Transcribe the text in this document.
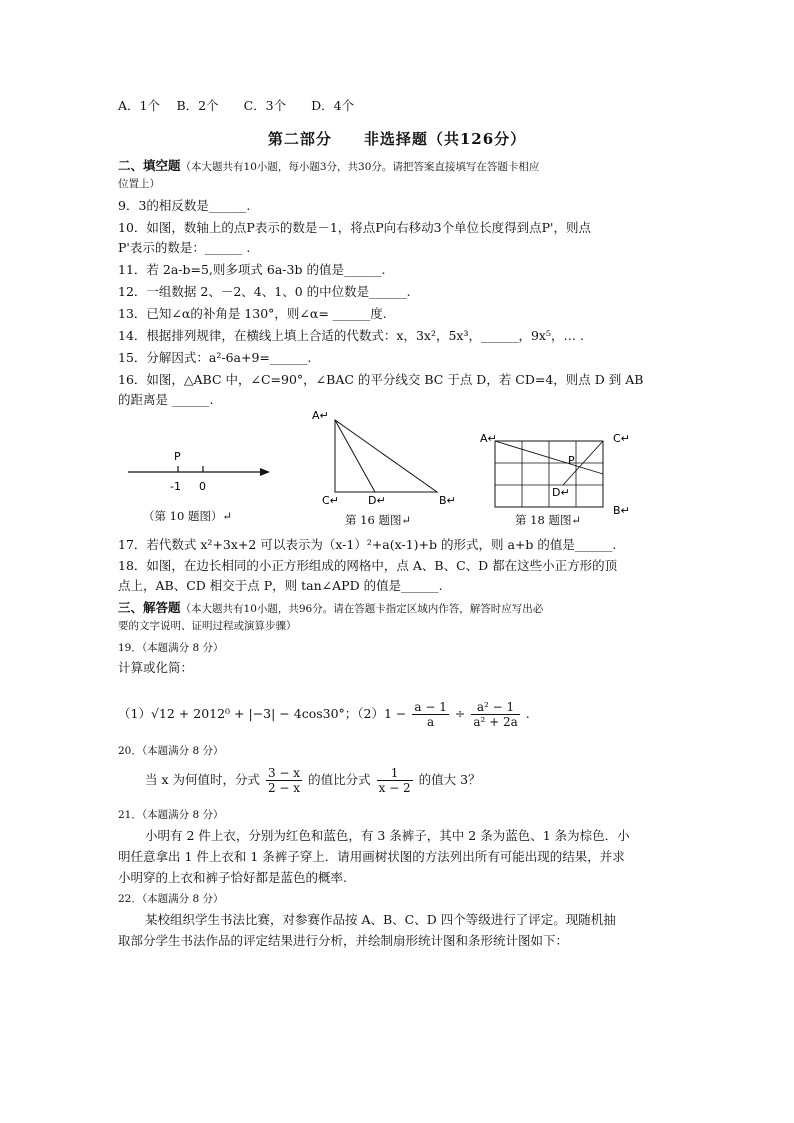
A．1个　 B．2个　　C．3个　　D．4个
第二部分　　非选择题（共126分）
二、填空题（本大题共有10小题，每小题3分，共30分。请把答案直接填写在答题卡相应
位置上）
9．3的相反数是______.
10．如图，数轴上的点P表示的数是－1，将点P向右移动3个单位长度得到点P'，则点
P'表示的数是：______ .
11．若 2a-b=5,则多项式 6a-3b 的值是______.
12．一组数据 2、－2、4、1、0 的中位数是______.
13．已知∠α的补角是 130°，则∠α= ______度.
14．根据排列规律，在横线上填上合适的代数式：x，3x²，5x³，______，9x⁵，… .
15．分解因式：a²-6a+9=______.
16．如图，△ABC 中，∠C=90°，∠BAC 的平分线交 BC 于点 D，若 CD=4，则点 D 到 AB
的距离是 ______.
P
-1 0
（第 10 题图）↵
A↵
C↵	D↵	B↵
第 16 题图↵
A↵	C↵
P
D↵
B↵
第 18 题图↵
17．若代数式 x²+3x+2 可以表示为（x-1）²+a(x-1)+b 的形式，则 a+b 的值是______.
18．如图，在边长相同的小正方形组成的网格中，点 A、B、C、D 都在这些小正方形的顶
点上，AB、CD 相交于点 P，则 tan∠APD 的值是______.
三、解答题（本大题共有10小题，共96分。请在答题卡指定区域内作答，解答时应写出必
要的文字说明、证明过程或演算步骤）
19．（本题满分 8 分）
计算或化简：
（1）√12 + 2012⁰ + |−3| − 4cos30°；$(2)1 - \frac{a - 1}{a} \div \frac{\text{a² − 1}}{\text{a² + 2a}}$ .
20．（本题满分 8 分）
当 x 为何值时，分式 $\frac{3 - x}{2 - x}$ 的值比分式 $\frac{1}{x - 2}$ 的值大 3？
21．（本题满分 8 分）
小明有 2 件上衣，分别为红色和蓝色，有 3 条裤子，其中 2 条为蓝色、1 条为棕色．小
明任意拿出 1 件上衣和 1 条裤子穿上．请用画树状图的方法列出所有可能出现的结果，并求
小明穿的上衣和裤子恰好都是蓝色的概率.
22．（本题满分 8 分）
某校组织学生书法比赛，对参赛作品按 A、B、C、D 四个等级进行了评定。现随机抽
取部分学生书法作品的评定结果进行分析，并绘制扇形统计图和条形统计图如下：
